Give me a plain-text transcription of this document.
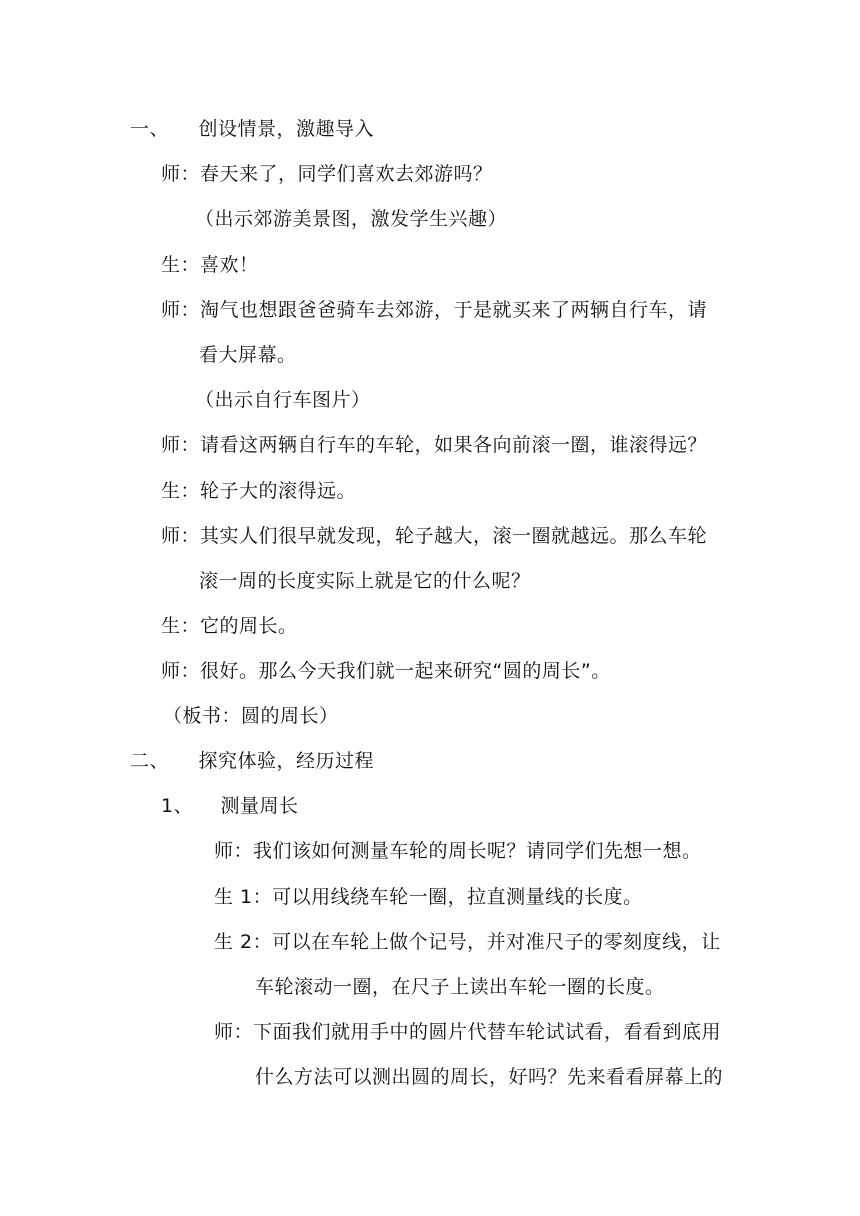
一、 创设情景，激趣导入
师：春天来了，同学们喜欢去郊游吗？
（出示郊游美景图，激发学生兴趣）
生：喜欢！
师：淘气也想跟爸爸骑车去郊游，于是就买来了两辆自行车，请
看大屏幕。
（出示自行车图片）
师：请看这两辆自行车的车轮，如果各向前滚一圈，谁滚得远？
生：轮子大的滚得远。
师：其实人们很早就发现，轮子越大，滚一圈就越远。那么车轮
滚一周的长度实际上就是它的什么呢？
生：它的周长。
师：很好。那么今天我们就一起来研究“圆的周长”。
（板书：圆的周长）
二、 探究体验，经历过程
1、 测量周长
师：我们该如何测量车轮的周长呢？请同学们先想一想。
生 1：可以用线绕车轮一圈，拉直测量线的长度。
生 2：可以在车轮上做个记号，并对准尺子的零刻度线，让
车轮滚动一圈，在尺子上读出车轮一圈的长度。
师：下面我们就用手中的圆片代替车轮试试看，看看到底用
什么方法可以测出圆的周长，好吗？先来看看屏幕上的
